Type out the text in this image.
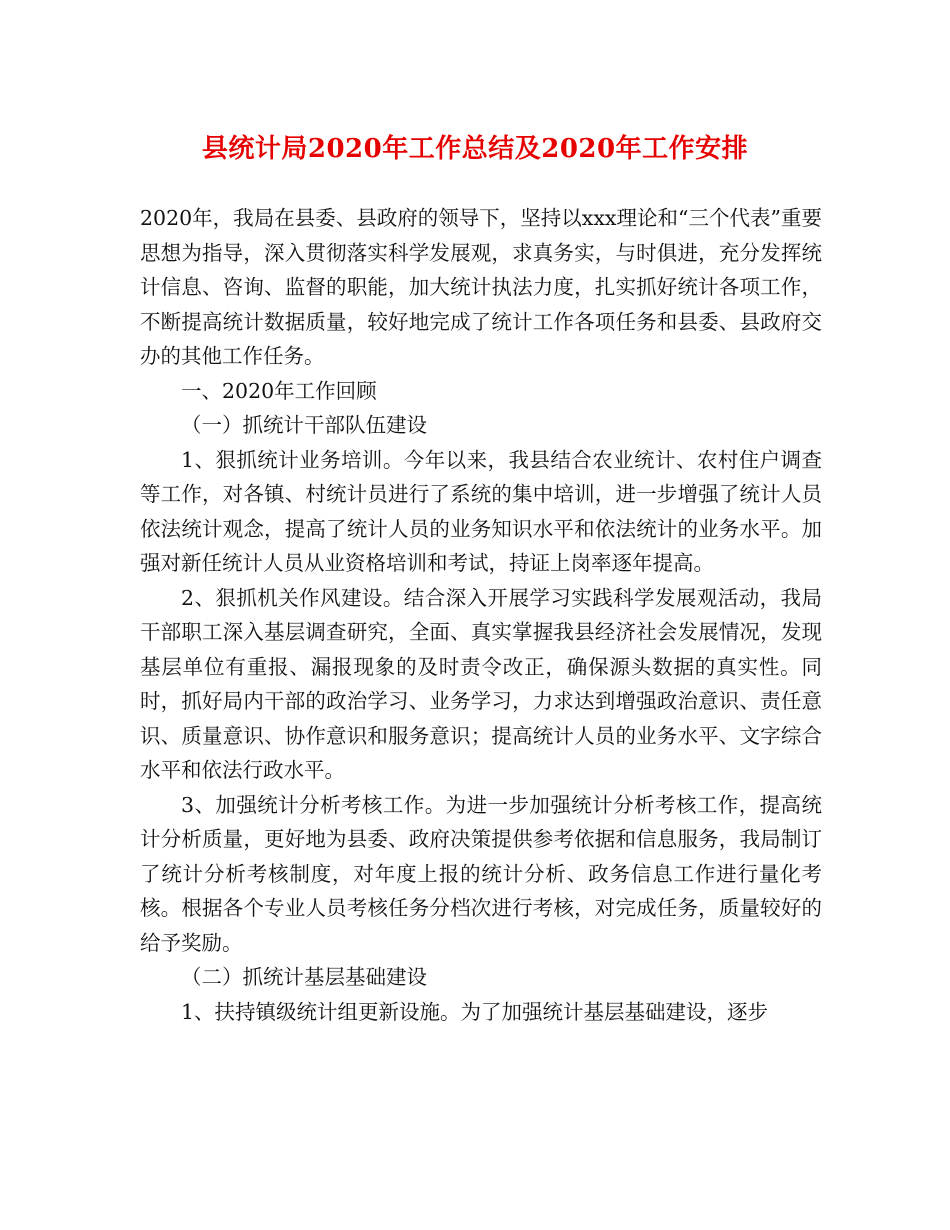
县统计局2020年工作总结及2020年工作安排

2020年，我局在县委、县政府的领导下，坚持以xxx理论和“三个代表”重要思想为指导，深入贯彻落实科学发展观，求真务实，与时俱进，充分发挥统计信息、咨询、监督的职能，加大统计执法力度，扎实抓好统计各项工作，不断提高统计数据质量，较好地完成了统计工作各项任务和县委、县政府交办的其他工作任务。

一、2020年工作回顾

（一）抓统计干部队伍建设

1、狠抓统计业务培训。今年以来，我县结合农业统计、农村住户调查等工作，对各镇、村统计员进行了系统的集中培训，进一步增强了统计人员依法统计观念，提高了统计人员的业务知识水平和依法统计的业务水平。加强对新任统计人员从业资格培训和考试，持证上岗率逐年提高。

2、狠抓机关作风建设。结合深入开展学习实践科学发展观活动，我局干部职工深入基层调查研究，全面、真实掌握我县经济社会发展情况，发现基层单位有重报、漏报现象的及时责令改正，确保源头数据的真实性。同时，抓好局内干部的政治学习、业务学习，力求达到增强政治意识、责任意识、质量意识、协作意识和服务意识；提高统计人员的业务水平、文字综合水平和依法行政水平。

3、加强统计分析考核工作。为进一步加强统计分析考核工作，提高统计分析质量，更好地为县委、政府决策提供参考依据和信息服务，我局制订了统计分析考核制度，对年度上报的统计分析、政务信息工作进行量化考核。根据各个专业人员考核任务分档次进行考核，对完成任务，质量较好的给予奖励。

（二）抓统计基层基础建设

1、扶持镇级统计组更新设施。为了加强统计基层基础建设，逐步
